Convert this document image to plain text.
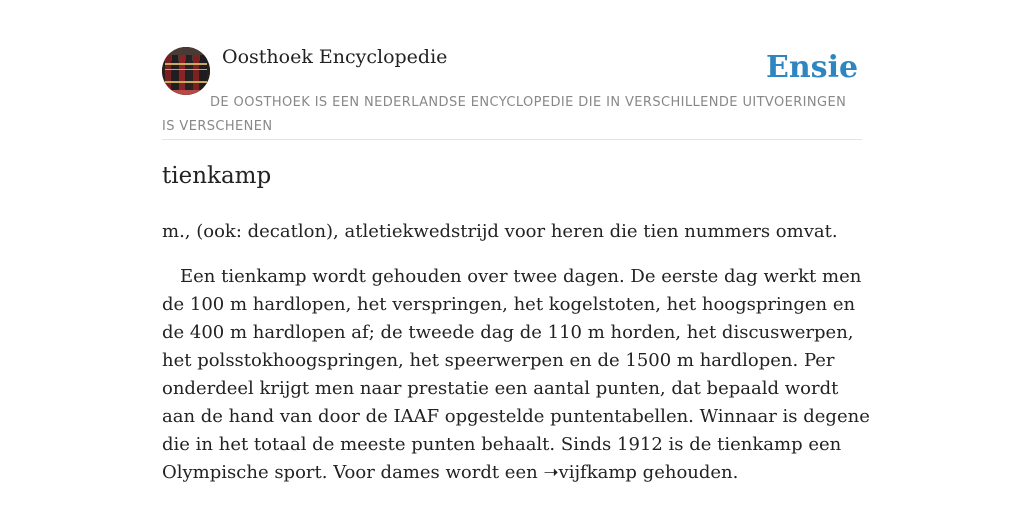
Oosthoek Encyclopedie	Ensie
DE OOSTHOEK IS EEN NEDERLANDSE ENCYCLOPEDIE DIE IN VERSCHILLENDE UITVOERINGEN IS VERSCHENEN
tienkamp

m., (ook: decatlon), atletiekwedstrijd voor heren die tien nummers omvat.

Een tienkamp wordt gehouden over twee dagen. De eerste dag werkt men de 100 m hardlopen, het verspringen, het kogelstoten, het hoogspringen en de 400 m hardlopen af; de tweede dag de 110 m horden, het discuswerpen, het polsstokhoogspringen, het speerwerpen en de 1500 m hardlopen. Per onderdeel krijgt men naar prestatie een aantal punten, dat bepaald wordt aan de hand van door de IAAF opgestelde puntentabellen. Winnaar is degene die in het totaal de meeste punten behaalt. Sinds 1912 is de tienkamp een Olympische sport. Voor dames wordt een ➝vijfkamp gehouden.
